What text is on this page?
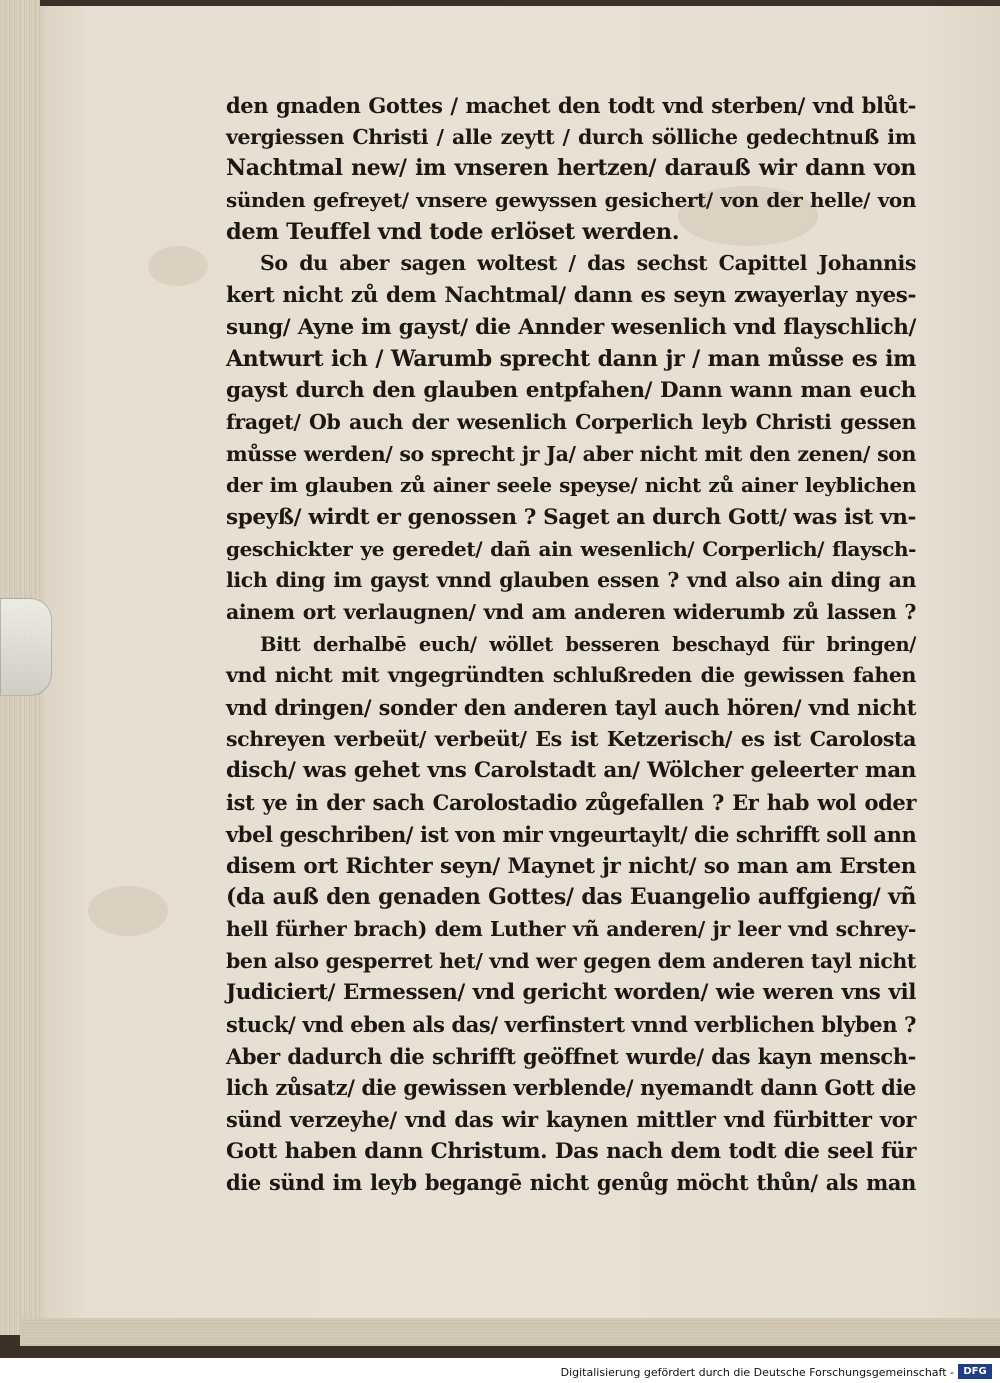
den gnaden Gottes / machet den todt vnd sterben/ vnd blůt-
vergiessen Christi / alle zeytt / durch sölliche gedechtnuß im
Nachtmal new/ im vnseren hertzen/ darauß wir dann von
sünden gefreyet/ vnsere gewyssen gesichert/ von der helle/ von
dem Teuffel vnd tode erlöset werden.
So du aber sagen woltest / das sechst Capittel Johannis
kert nicht zů dem Nachtmal/ dann es seyn zwayerlay nyes-
sung/ Ayne im gayst/ die Annder wesenlich vnd flayschlich/
Antwurt ich / Warumb sprecht dann jr / man můsse es im
gayst durch den glauben entpfahen/ Dann wann man euch
fraget/ Ob auch der wesenlich Corperlich leyb Christi gessen
můsse werden/ so sprecht jr Ja/ aber nicht mit den zenen/ son
der im glauben zů ainer seele speyse/ nicht zů ainer leyblichen
speyß/ wirdt er genossen ? Saget an durch Gott/ was ist vn-
geschickter ye geredet/ dañ ain wesenlich/ Corperlich/ flaysch-
lich ding im gayst vnnd glauben essen ? vnd also ain ding an
ainem ort verlaugnen/ vnd am anderen widerumb zů lassen ?
Bitt derhalbē euch/ wöllet besseren beschayd für bringen/
vnd nicht mit vngegründten schlußreden die gewissen fahen
vnd dringen/ sonder den anderen tayl auch hören/ vnd nicht
schreyen verbeüt/ verbeüt/ Es ist Ketzerisch/ es ist Carolosta
disch/ was gehet vns Carolstadt an/ Wölcher geleerter man
ist ye in der sach Carolostadio zůgefallen ? Er hab wol oder
vbel geschriben/ ist von mir vngeurtaylt/ die schrifft soll ann
disem ort Richter seyn/ Maynet jr nicht/ so man am Ersten
(da auß den genaden Gottes/ das Euangelio auffgieng/ vñ
hell fürher brach) dem Luther vñ anderen/ jr leer vnd schrey-
ben also gesperret het/ vnd wer gegen dem anderen tayl nicht
Judiciert/ Ermessen/ vnd gericht worden/ wie weren vns vil
stuck/ vnd eben als das/ verfinstert vnnd verblichen blyben ?
Aber dadurch die schrifft geöffnet wurde/ das kayn mensch-
lich zůsatz/ die gewissen verblende/ nyemandt dann Gott die
sünd verzeyhe/ vnd das wir kaynen mittler vnd fürbitter vor
Gott haben dann Christum. Das nach dem todt die seel für
die sünd im leyb begangē nicht genůg möcht thůn/ als man
Digitalisierung gefördert durch die Deutsche Forschungsgemeinschaft - DFG
